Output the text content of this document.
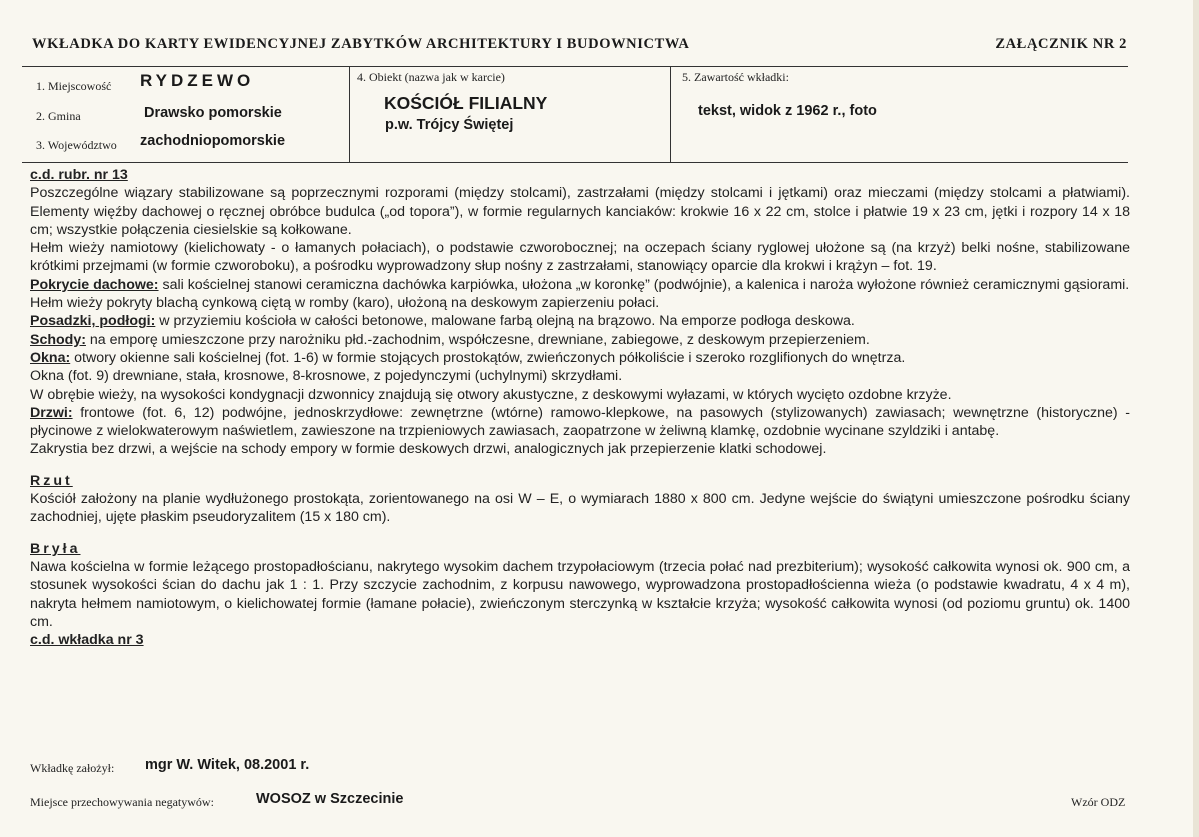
WKŁADKA DO KARTY EWIDENCYJNEJ ZABYTKÓW ARCHITEKTURY I BUDOWNICTWA	ZAŁĄCZNIK NR 2
1. Miejscowość RYDZEWO
2. Gmina	Drawsko pomorskie
3. Województwo zachodniopomorskie
4. Obiekt (nazwa jak w karcie)
KOŚCIÓŁ FILIALNY
p.w. Trójcy Świętej
5. Zawartość wkładki:
tekst, widok z 1962 r., foto

c.d. rubr. nr 13

Poszczególne wiązary stabilizowane są poprzecznymi rozporami (między stolcami), zastrzałami (między stolcami i jętkami) oraz mieczami (między stolcami a płatwiami). Elementy więźby dachowej o ręcznej obróbce budulca („od topora”), w formie regularnych kanciaków: krokwie 16 x 22 cm, stolce i płatwie 19 x 23 cm, jętki i rozpory 14 x 18 cm; wszystkie połączenia ciesielskie są kołkowane.

Hełm wieży namiotowy (kielichowaty - o łamanych połaciach), o podstawie czworobocznej; na oczepach ściany ryglowej ułożone są (na krzyż) belki nośne, stabilizowane krótkimi przejmami (w formie czworoboku), a pośrodku wyprowadzony słup nośny z zastrzałami, stanowiący oparcie dla krokwi i krążyn – fot. 19.

Pokrycie dachowe: sali kościelnej stanowi ceramiczna dachówka karpiówka, ułożona „w koronkę” (podwójnie), a kalenica i naroża wyłożone również ceramicznymi gąsiorami.

Hełm wieży pokryty blachą cynkową ciętą w romby (karo), ułożoną na deskowym zapierzeniu połaci.

Posadzki, podłogi: w przyziemiu kościoła w całości betonowe, malowane farbą olejną na brązowo. Na emporze podłoga deskowa.

Schody: na emporę umieszczone przy narożniku płd.-zachodnim, współczesne, drewniane, zabiegowe, z deskowym przepierzeniem.

Okna: otwory okienne sali kościelnej (fot. 1-6) w formie stojących prostokątów, zwieńczonych półkoliście i szeroko rozglifionych do wnętrza.

Okna (fot. 9) drewniane, stała, krosnowe, 8-krosnowe, z pojedynczymi (uchylnymi) skrzydłami.

W obrębie wieży, na wysokości kondygnacji dzwonnicy znajdują się otwory akustyczne, z deskowymi wyłazami, w których wycięto ozdobne krzyże.

Drzwi: frontowe (fot. 6, 12) podwójne, jednoskrzydłowe: zewnętrzne (wtórne) ramowo-klepkowe, na pasowych (stylizowanych) zawiasach; wewnętrzne (historyczne) - płycinowe z wielokwaterowym naświetlem, zawieszone na trzpieniowych zawiasach, zaopatrzone w żeliwną klamkę, ozdobnie wycinane szyldziki i antabę.

Zakrystia bez drzwi, a wejście na schody empory w formie deskowych drzwi, analogicznych jak przepierzenie klatki schodowej.

Rzut

Kościół założony na planie wydłużonego prostokąta, zorientowanego na osi W – E, o wymiarach 1880 x 800 cm. Jedyne wejście do świątyni umieszczone pośrodku ściany zachodniej, ujęte płaskim pseudoryzalitem (15 x 180 cm).

Bryła

Nawa kościelna w formie leżącego prostopadłościanu, nakrytego wysokim dachem trzypołaciowym (trzecia połać nad prezbiterium); wysokość całkowita wynosi ok. 900 cm, a stosunek wysokości ścian do dachu jak 1 : 1. Przy szczycie zachodnim, z korpusu nawowego, wyprowadzona prostopadłościenna wieża (o podstawie kwadratu, 4 x 4 m), nakryta hełmem namiotowym, o kielichowatej formie (łamane połacie), zwieńczonym sterczynką w kształcie krzyża; wysokość całkowita wynosi (od poziomu gruntu) ok. 1400 cm.

c.d. wkładka nr 3

Wkładkę założył: mgr W. Witek, 08.2001 r.
Miejsce przechowywania negatywów:	WOSOZ w Szczecinie	Wzór ODZ
